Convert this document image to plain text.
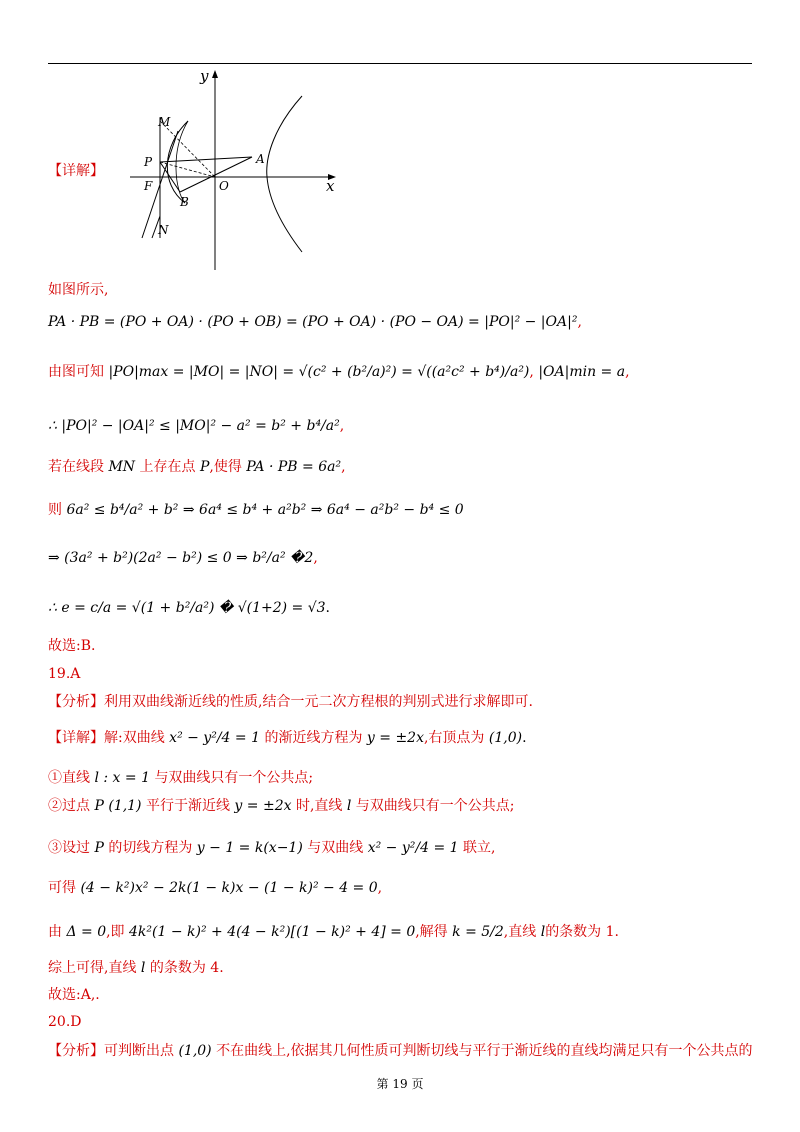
【详解】
y
x
M
P	A
F	O
B
N
如图所示,
PA · PB = (PO + OA) · (PO + OB) = (PO + OA) · (PO − OA) = |PO|² − |OA|²,
由图可知 |PO|max = |MO| = |NO| = √(c² + (b²/a)²) = √((a²c² + b⁴)/a²), |OA|min = a,
∴ |PO|² − |OA|² ≤ |MO|² − a² = b² + b⁴/a²,
若在线段 MN 上存在点 P,使得 PA · PB = 6a²,
则 6a² ≤ b⁴/a² + b² ⇒ 6a⁴ ≤ b⁴ + a²b² ⇒ 6a⁴ − a²b² − b⁴ ≤ 0
⇒ (3a² + b²)(2a² − b²) ≤ 0 ⇒ b²/a² �2,
∴ e = c/a = √(1 + b²/a²) � √(1+2) = √3.
故选:B.
19.A
【分析】利用双曲线渐近线的性质,结合一元二次方程根的判别式进行求解即可.
【详解】解:双曲线 x² − y²/4 = 1 的渐近线方程为 y = ±2x,右顶点为 (1,0).
①直线 l : x = 1 与双曲线只有一个公共点;
②过点 P (1,1) 平行于渐近线 y = ±2x 时,直线 l 与双曲线只有一个公共点;
③设过 P 的切线方程为 y − 1 = k(x−1) 与双曲线 x² − y²/4 = 1 联立,
可得 (4 − k²)x² − 2k(1 − k)x − (1 − k)² − 4 = 0,
由 Δ = 0,即 4k²(1 − k)² + 4(4 − k²)[(1 − k)² + 4] = 0,解得 k = 5/2,直线 l的条数为 1.
综上可得,直线 l 的条数为 4.
故选:A,.
20.D
【分析】可判断出点 (1,0) 不在曲线上,依据其几何性质可判断切线与平行于渐近线的直线均满足只有一个公共点的
第 19 页
